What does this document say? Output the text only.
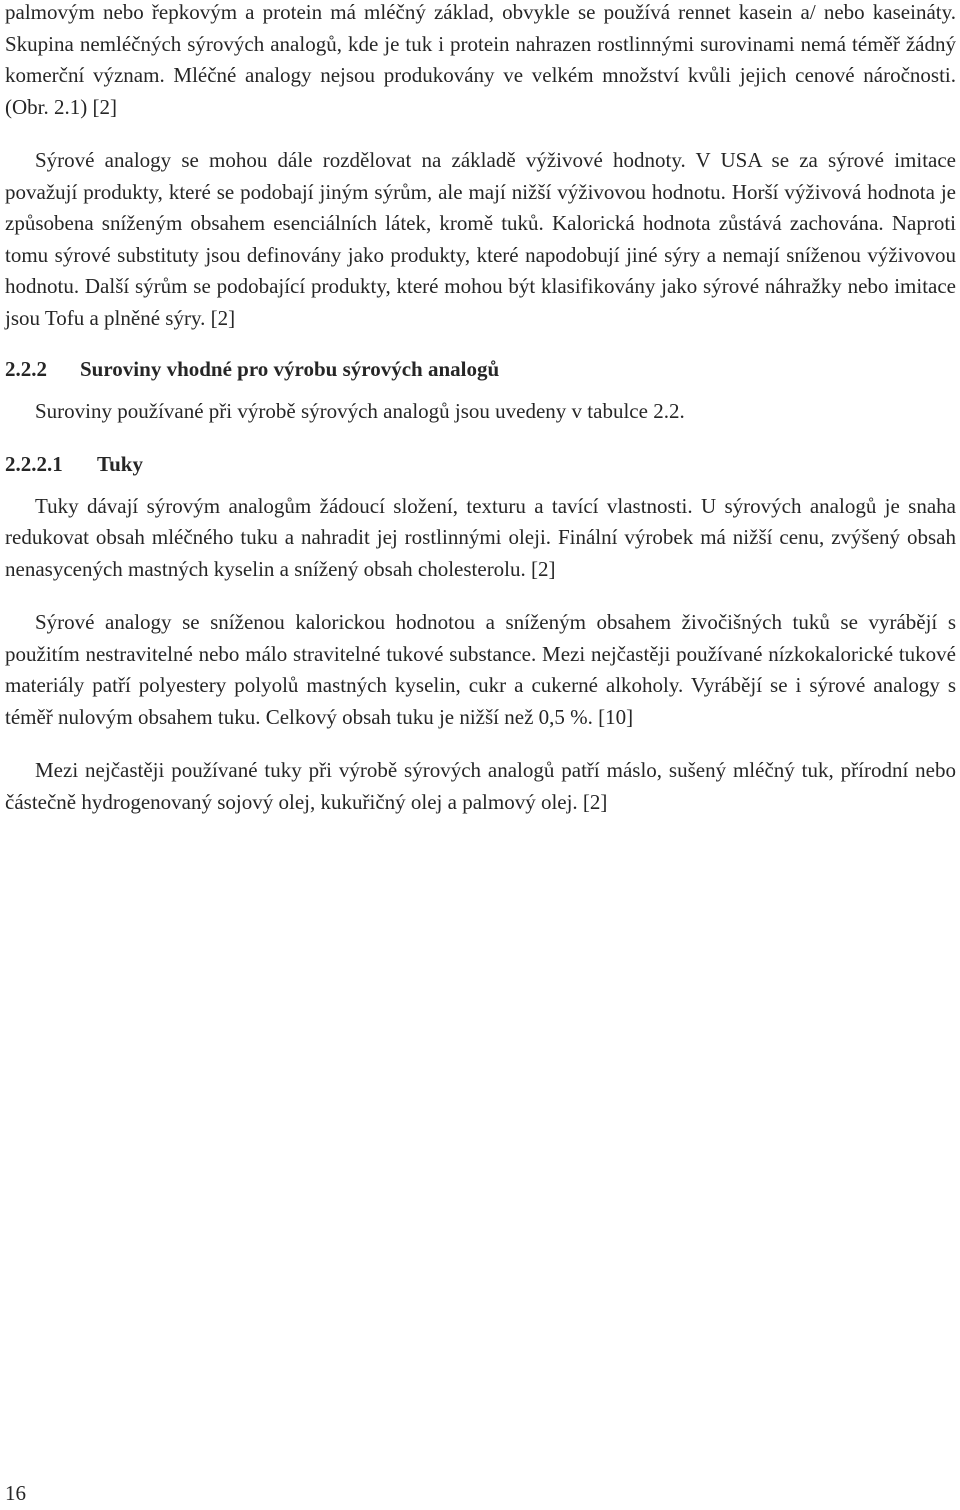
palmovým nebo řepkovým a protein má mléčný základ, obvykle se používá rennet kasein a/ nebo kaseináty. Skupina nemléčných sýrových analogů, kde je tuk i protein nahrazen rostlinnými surovinami nemá téměř žádný komerční význam. Mléčné analogy nejsou produkovány ve velkém množství kvůli jejich cenové náročnosti. (Obr. 2.1) [2]

Sýrové analogy se mohou dále rozdělovat na základě výživové hodnoty. V USA se za sýrové imitace považují produkty, které se podobají jiným sýrům, ale mají nižší výživovou hodnotu. Horší výživová hodnota je způsobena sníženým obsahem esenciálních látek, kromě tuků. Kalorická hodnota zůstává zachována. Naproti tomu sýrové substituty jsou definovány jako produkty, které napodobují jiné sýry a nemají sníženou výživovou hodnotu. Další sýrům se podobající produkty, které mohou být klasifikovány jako sýrové náhražky nebo imitace jsou Tofu a plněné sýry. [2]

2.2.2 Suroviny vhodné pro výrobu sýrových analogů

Suroviny používané při výrobě sýrových analogů jsou uvedeny v tabulce 2.2.

2.2.2.1 Tuky

Tuky dávají sýrovým analogům žádoucí složení, texturu a tavící vlastnosti. U sýrových analogů je snaha redukovat obsah mléčného tuku a nahradit jej rostlinnými oleji. Finální výrobek má nižší cenu, zvýšený obsah nenasycených mastných kyselin a snížený obsah cholesterolu. [2]

Sýrové analogy se sníženou kalorickou hodnotou a sníženým obsahem živočišných tuků se vyrábějí s použitím nestravitelné nebo málo stravitelné tukové substance. Mezi nejčastěji používané nízkokalorické tukové materiály patří polyestery polyolů mastných kyselin, cukr a cukerné alkoholy. Vyrábějí se i sýrové analogy s téměř nulovým obsahem tuku. Celkový obsah tuku je nižší než 0,5 %. [10]

Mezi nejčastěji používané tuky při výrobě sýrových analogů patří máslo, sušený mléčný tuk, přírodní nebo částečně hydrogenovaný sojový olej, kukuřičný olej a palmový olej. [2]

16
